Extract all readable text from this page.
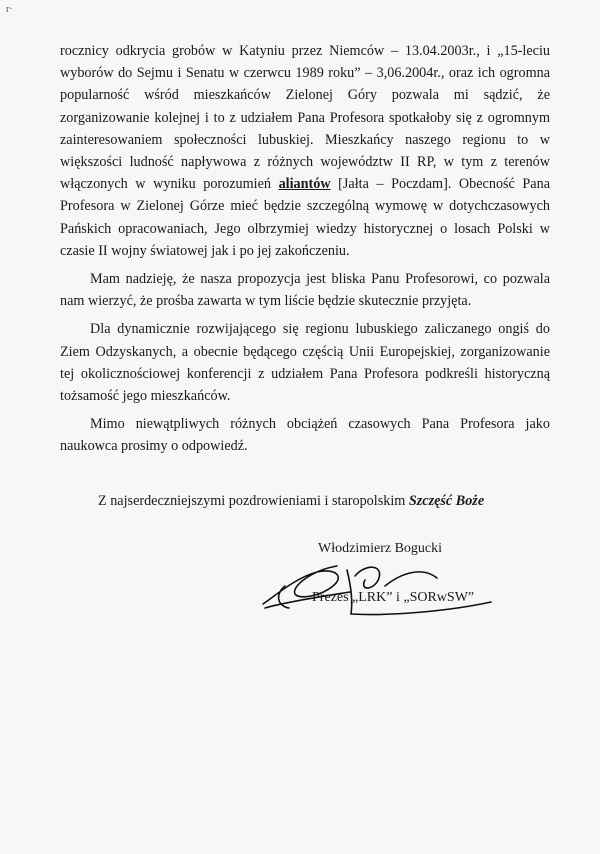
r·

rocznicy odkrycia grobów w Katyniu przez Niemców – 13.04.2003r., i „15-leciu wyborów do Sejmu i Senatu w czerwcu 1989 roku” – 3,06.2004r., oraz ich ogromna popularność wśród mieszkańców Zielonej Góry pozwala mi sądzić, że zorganizowanie kolejnej i to z udziałem Pana Profesora spotkałoby się z ogromnym zainteresowaniem społeczności lubuskiej. Mieszkańcy naszego regionu to w większości ludność napływowa z różnych województw II RP, w tym z terenów włączonych w wyniku porozumień aliantów [Jałta – Poczdam]. Obecność Pana Profesora w Zielonej Górze mieć będzie szczególną wymowę w dotychczasowych Pańskich opracowaniach, Jego olbrzymiej wiedzy historycznej o losach Polski w czasie II wojny światowej jak i po jej zakończeniu.

Mam nadzieję, że nasza propozycja jest bliska Panu Profesorowi, co pozwala nam wierzyć, że prośba zawarta w tym liście będzie skutecznie przyjęta.

Dla dynamicznie rozwijającego się regionu lubuskiego zaliczanego ongiś do Ziem Odzyskanych, a obecnie będącego częścią Unii Europejskiej, zorganizowanie tej okolicznościowej konferencji z udziałem Pana Profesora podkreśli historyczną tożsamość jego mieszkańców.

Mimo niewątpliwych różnych obciążeń czasowych Pana Profesora jako naukowca prosimy o odpowiedź.

Z najserdeczniejszymi pozdrowieniami i staropolskim Szczęść Boże
Włodzimierz Bogucki
Prezes „LRK” i „SORwSW”
